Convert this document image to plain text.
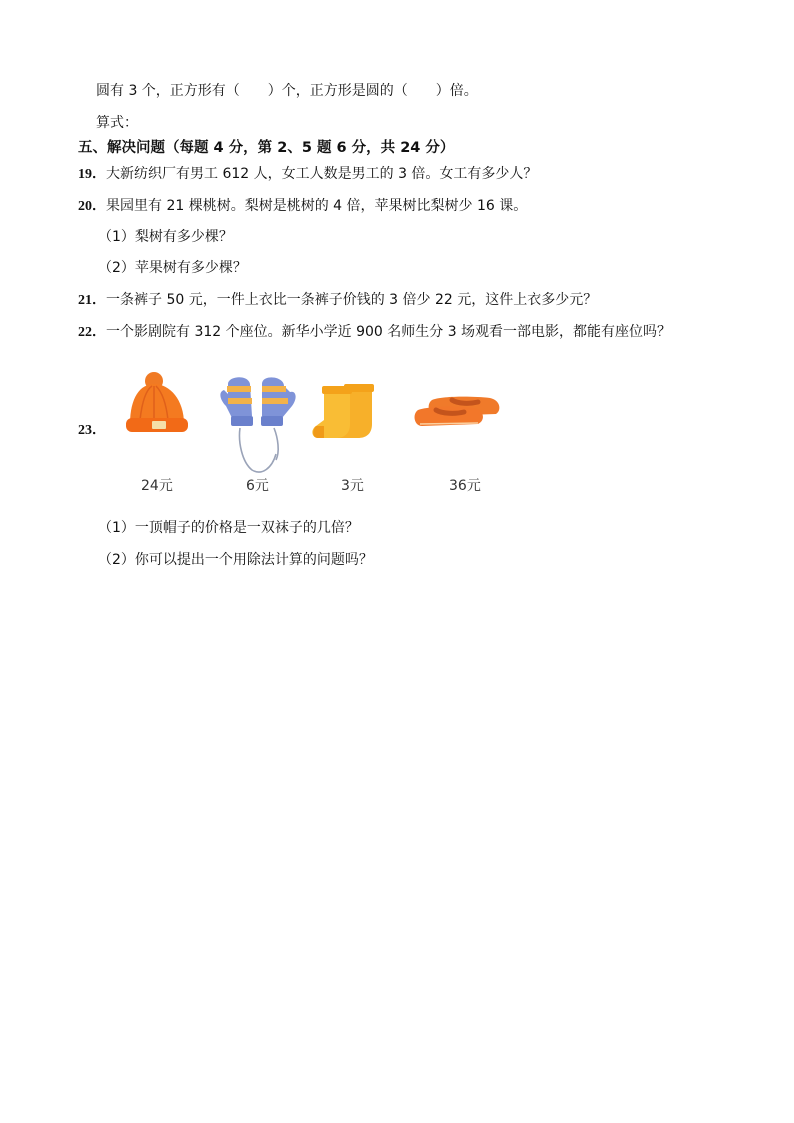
圆有 3 个，正方形有（　　）个，正方形是圆的（　　）倍。
算式：
五、解决问题（每题 4 分，第 2、5 题 6 分，共 24 分）
19．大新纺织厂有男工 612 人，女工人数是男工的 3 倍。女工有多少人？
20．果园里有 21 棵桃树。梨树是桃树的 4 倍，苹果树比梨树少 16 课。
（1）梨树有多少棵？
（2）苹果树有多少棵？
21．一条裤子 50 元，一件上衣比一条裤子价钱的 3 倍少 22 元，这件上衣多少元？
22．一个影剧院有 312 个座位。新华小学近 900 名师生分 3 场观看一部电影，都能有座位吗？
23．
24元	6元	3元	36元
（1）一顶帽子的价格是一双袜子的几倍？
（2）你可以提出一个用除法计算的问题吗？
